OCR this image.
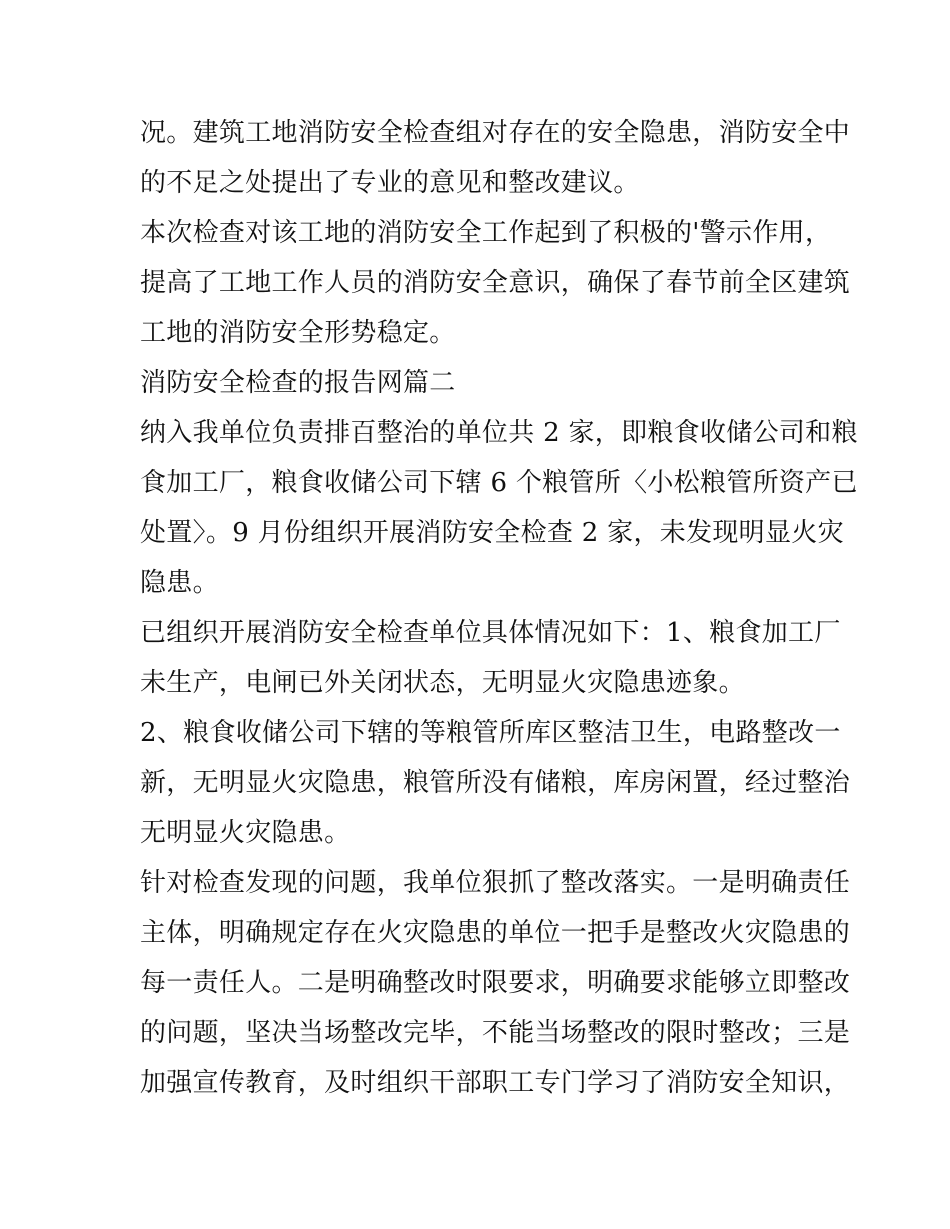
况。建筑工地消防安全检查组对存在的安全隐患，消防安全中
的不足之处提出了专业的意见和整改建议。
本次检查对该工地的消防安全工作起到了积极的'警示作用，
提高了工地工作人员的消防安全意识，确保了春节前全区建筑
工地的消防安全形势稳定。
消防安全检查的报告网篇二
纳入我单位负责排百整治的单位共 2 家，即粮食收储公司和粮
食加工厂，粮食收储公司下辖 6 个粮管所〈小松粮管所资产已
处置〉。9 月份组织开展消防安全检查 2 家，未发现明显火灾
隐患。
已组织开展消防安全检查单位具体情况如下：1、粮食加工厂
未生产，电闸已外关闭状态，无明显火灾隐患迹象。
2、粮食收储公司下辖的等粮管所库区整洁卫生，电路整改一
新，无明显火灾隐患，粮管所没有储粮，库房闲置，经过整治
无明显火灾隐患。
针对检查发现的问题，我单位狠抓了整改落实。一是明确责任
主体，明确规定存在火灾隐患的单位一把手是整改火灾隐患的
每一责任人。二是明确整改时限要求，明确要求能够立即整改
的问题，坚决当场整改完毕，不能当场整改的限时整改；三是
加强宣传教育，及时组织干部职工专门学习了消防安全知识，
